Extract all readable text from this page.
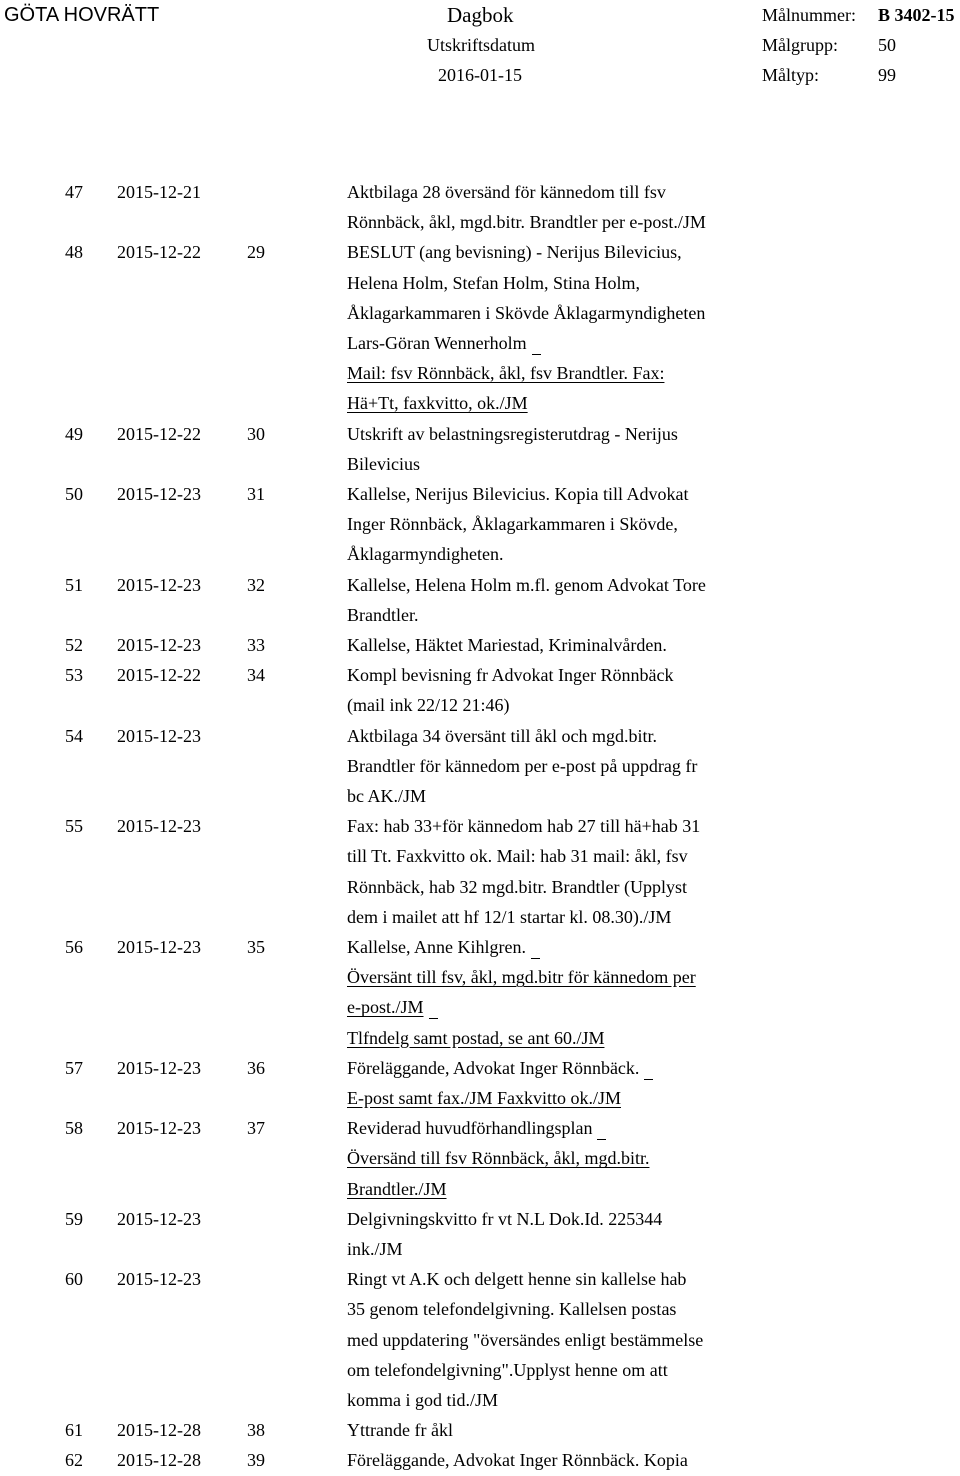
GÖTA HOVRÄTT	Dagbok
Utskriftsdatum
2016-01-15
Målnummer: B 3402-15
Målgrupp: 50
Måltyp:	99
47 2015-12-21	Aktbilaga 28 översänd för kännedom till fsv
Rönnbäck, åkl, mgd.bitr. Brandtler per e-post./JM
48 2015-12-22	29	BESLUT (ang bevisning) - Nerijus Bilevicius,
Helena Holm, Stefan Holm, Stina Holm,
Åklagarkammaren i Skövde Åklagarmyndigheten
Lars-Göran Wennerholm
Mail: fsv Rönnbäck, åkl, fsv Brandtler. Fax:
Hä+Tt, faxkvitto, ok./JM
49 2015-12-22	30	Utskrift av belastningsregisterutdrag - Nerijus
Bilevicius
50 2015-12-23	31	Kallelse, Nerijus Bilevicius. Kopia till Advokat
Inger Rönnbäck, Åklagarkammaren i Skövde,
Åklagarmyndigheten.
51 2015-12-23	32	Kallelse, Helena Holm m.fl. genom Advokat Tore
Brandtler.
52 2015-12-23	33	Kallelse, Häktet Mariestad, Kriminalvården.
53 2015-12-22	34	Kompl bevisning fr Advokat Inger Rönnbäck
(mail ink 22/12 21:46)
54 2015-12-23	Aktbilaga 34 översänt till åkl och mgd.bitr.
Brandtler för kännedom per e-post på uppdrag fr
bc AK./JM
55 2015-12-23	Fax: hab 33+för kännedom hab 27 till hä+hab 31
till Tt. Faxkvitto ok. Mail: hab 31 mail: åkl, fsv
Rönnbäck, hab 32 mgd.bitr. Brandtler (Upplyst
dem i mailet att hf 12/1 startar kl. 08.30)./JM
56 2015-12-23	35	Kallelse, Anne Kihlgren.
Översänt till fsv, åkl, mgd.bitr för kännedom per
e-post./JM
Tlfndelg samt postad, se ant 60./JM
57 2015-12-23	36	Föreläggande, Advokat Inger Rönnbäck.
E-post samt fax./JM Faxkvitto ok./JM
58 2015-12-23	37	Reviderad huvudförhandlingsplan
Översänd till fsv Rönnbäck, åkl, mgd.bitr.
Brandtler./JM
59 2015-12-23	Delgivningskvitto fr vt N.L Dok.Id. 225344
ink./JM
60 2015-12-23	Ringt vt A.K och delgett henne sin kallelse hab
35 genom telefondelgivning. Kallelsen postas
med uppdatering "översändes enligt bestämmelse
om telefondelgivning".Upplyst henne om att
komma i god tid./JM
61 2015-12-28	38	Yttrande fr åkl
62 2015-12-28	39	Föreläggande, Advokat Inger Rönnbäck. Kopia
